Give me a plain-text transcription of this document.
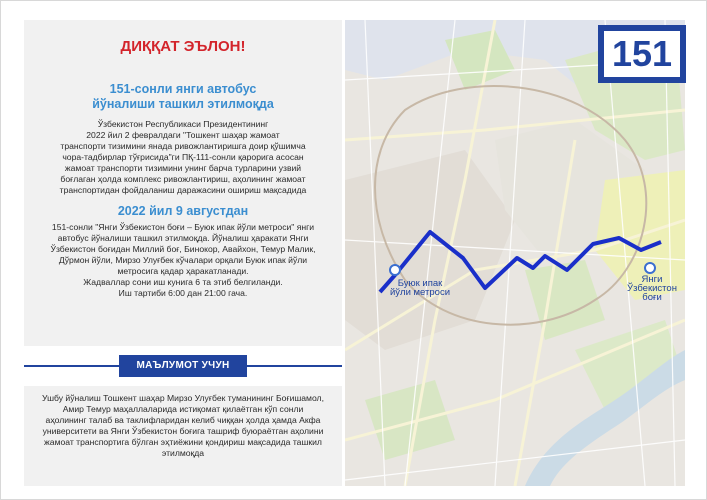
ДИҚҚАТ ЭЪЛОН!
151-сонли янги автобус
йўналиши ташкил этилмоқда
Ўзбекистон Республикаси Президентининг
2022 йил 2 февралдаги "Тошкент шаҳар жамоат
транспорти тизимини янада ривожлантиришга доир қўшимча
чора-тадбирлар тўғрисида"ги ПҚ-111-сонли қарорига асосан
жамоат транспорти тизимини унинг барча турларини узвий
боғлаган ҳолда комплекс ривожлантириш, аҳолининг жамоат
транспортидан фойдаланиш даражасини ошириш мақсадида
2022 йил 9 августдан
151-сонли "Янги Ўзбекистон боғи – Буюк ипак йўли метроси" янги
автобус йўналиши ташкил этилмоқда. Йўналиш ҳаракати Янги
Ўзбекистон боғидан Миллий боғ, Бинокор, Авайхон, Темур Малик,
Дўрмон йўли, Мирзо Улуғбек кўчалари орқали Буюк ипак йўли
метросига қадар ҳаракатланади.
Жадваллар сони иш кунига 6 та этиб белгиланди.
Иш тартиби 6:00 дан 21:00 гача.
МАЪЛУМОТ УЧУН
Ушбу йўналиш Тошкент шаҳар Мирзо Улуғбек туманининг Боғишамол,
Амир Темур маҳаллаларида истиқомат қилаётган кўп сонли
аҳолининг талаб ва таклифларидан келиб чиққан ҳолда ҳамда Акфа
университети ва Янги Ўзбекистон боғига ташриф буюраётган аҳолини
жамоат транспортига бўлган эҳтиёжини қондириш мақсадида ташкил
этилмоқда
Буюк ипак
йўли метроси
Янги
Ўзбекистон
боғи
151
